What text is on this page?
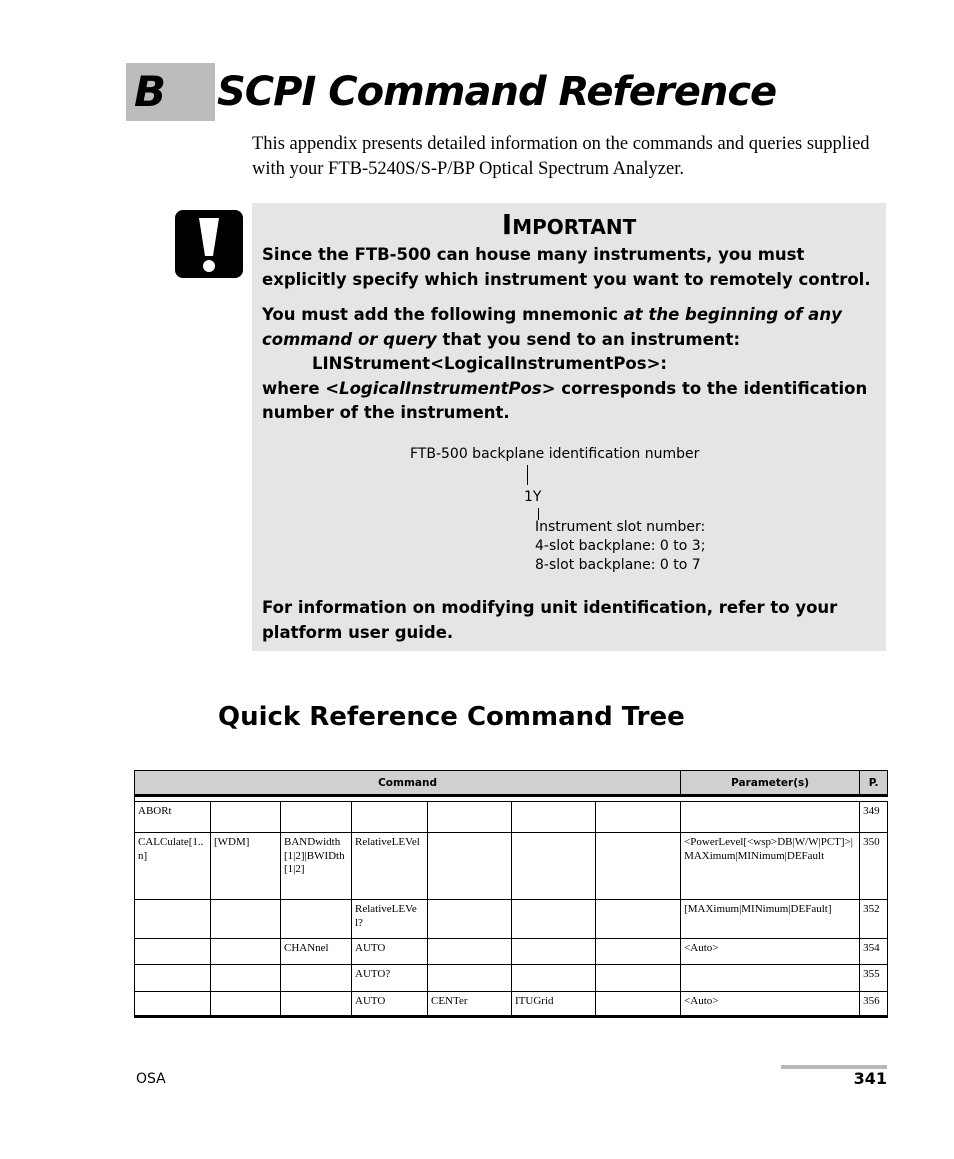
B SCPI Command Reference
This appendix presents detailed information on the commands and queries supplied with your FTB-5240S/S-P/BP Optical Spectrum Analyzer.
Important
Since the FTB-500 can house many instruments, you must explicitly specify which instrument you want to remotely control.
You must add the following mnemonic at the beginning of any command or query that you send to an instrument:
LINStrument<LogicalInstrumentPos>:
where <LogicalInstrumentPos> corresponds to the identification number of the instrument.
FTB-500 backplane identification number
1Y
Instrument slot number:
4-slot backplane: 0 to 3;
8-slot backplane: 0 to 7
For information on modifying unit identification, refer to your platform user guide.
Quick Reference Command Tree
Command							Parameter(s)	P.

ABORt								349
CALCulate[1..n]	[WDM]	BANDwidth[1|2]|BWIDth[1|2]	RelativeLEVel				<PowerLevel[<wsp>DB|W/W|PCT]>|MAXimum|MINimum|DEFault	350
			RelativeLEVel?				[MAXimum|MINimum|DEFault]	352
		CHANnel	AUTO				<Auto>	354
			AUTO?					355
			AUTO	CENTer	ITUGrid		<Auto>	356
OSA	341
